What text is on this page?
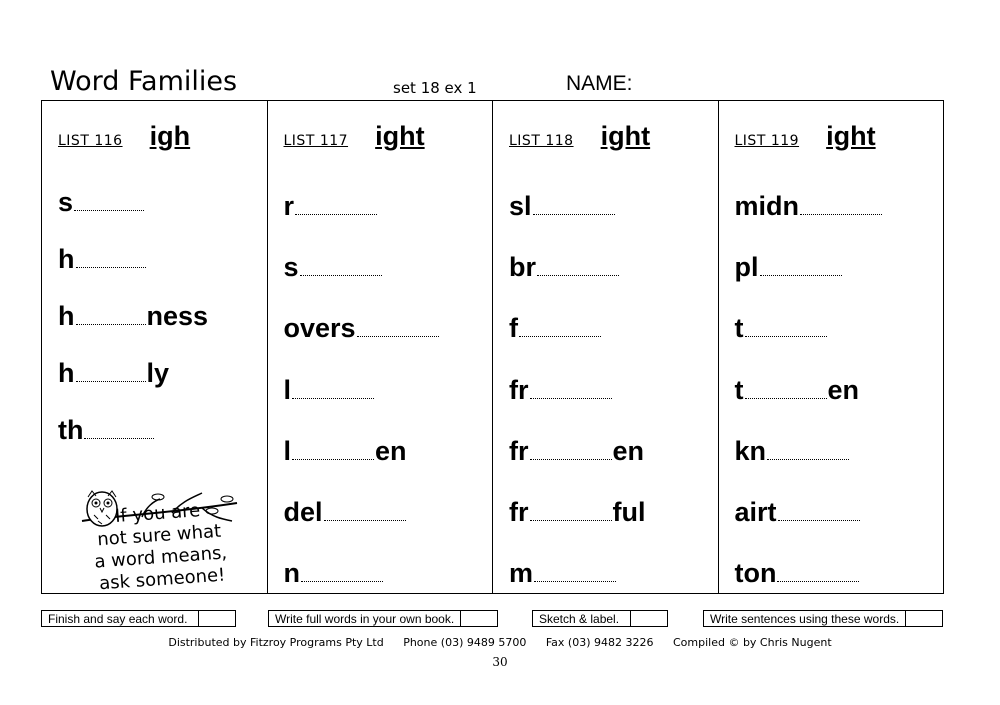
Word Families	set 18 ex 1	NAME:
LIST 116 igh
If you are
not sure what
a word means,
ask someone!
s
h
h	ness
h	ly
th
LIST 117 ight
r
s
overs
l
l	en
del
n
LIST 118 ight
sl
br
f
fr
fr	en
fr	ful
m
LIST 119 ight
midn
pl
t
t	en
kn
airt
ton
Finish and say each word.	Write full words in your own book.	Sketch & label.	Write sentences using these words.
Distributed by Fitzroy Programs Pty Ltd Phone (03) 9489 5700 Fax (03) 9482 3226 Compiled © by Chris Nugent
30
